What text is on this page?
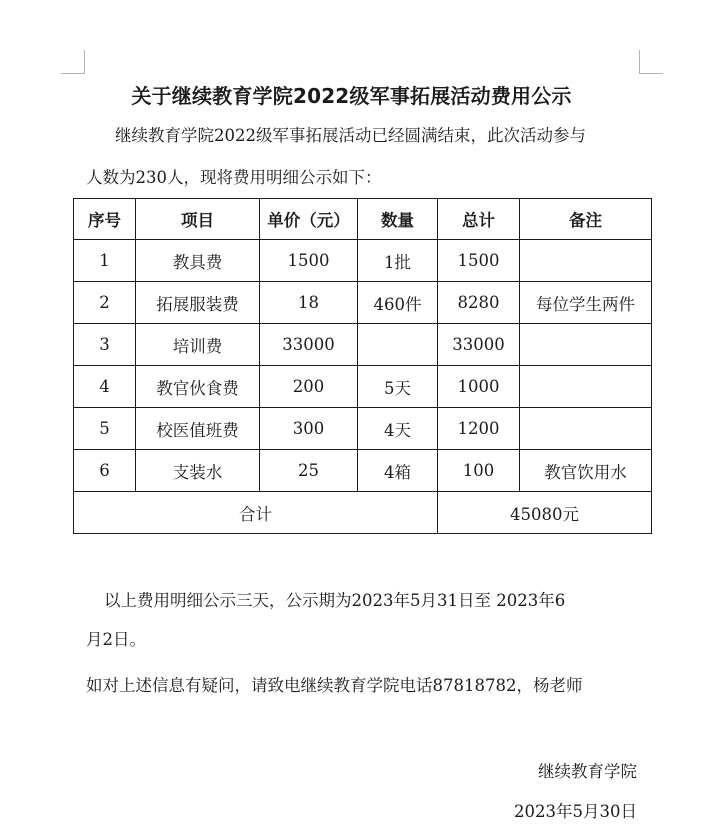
关于继续教育学院2022级军事拓展活动费用公示
继续教育学院2022级军事拓展活动已经圆满结束，此次活动参与
人数为230人，现将费用明细公示如下：
序号	项目	单价（元）	数量	总计	备注
1	教具费	1500	1批	1500	
2	拓展服装费	18	460件	8280	每位学生两件
3	培训费	33000		33000	
4	教官伙食费	200	5天	1000	
5	校医值班费	300	4天	1200	
6	支装水	25	4箱	100	教官饮用水
合计				45080元	
以上费用明细公示三天，公示期为2023年5月31日至 2023年6
月2日。
如对上述信息有疑问，请致电继续教育学院电话87818782，杨老师
继续教育学院
2023年5月30日
